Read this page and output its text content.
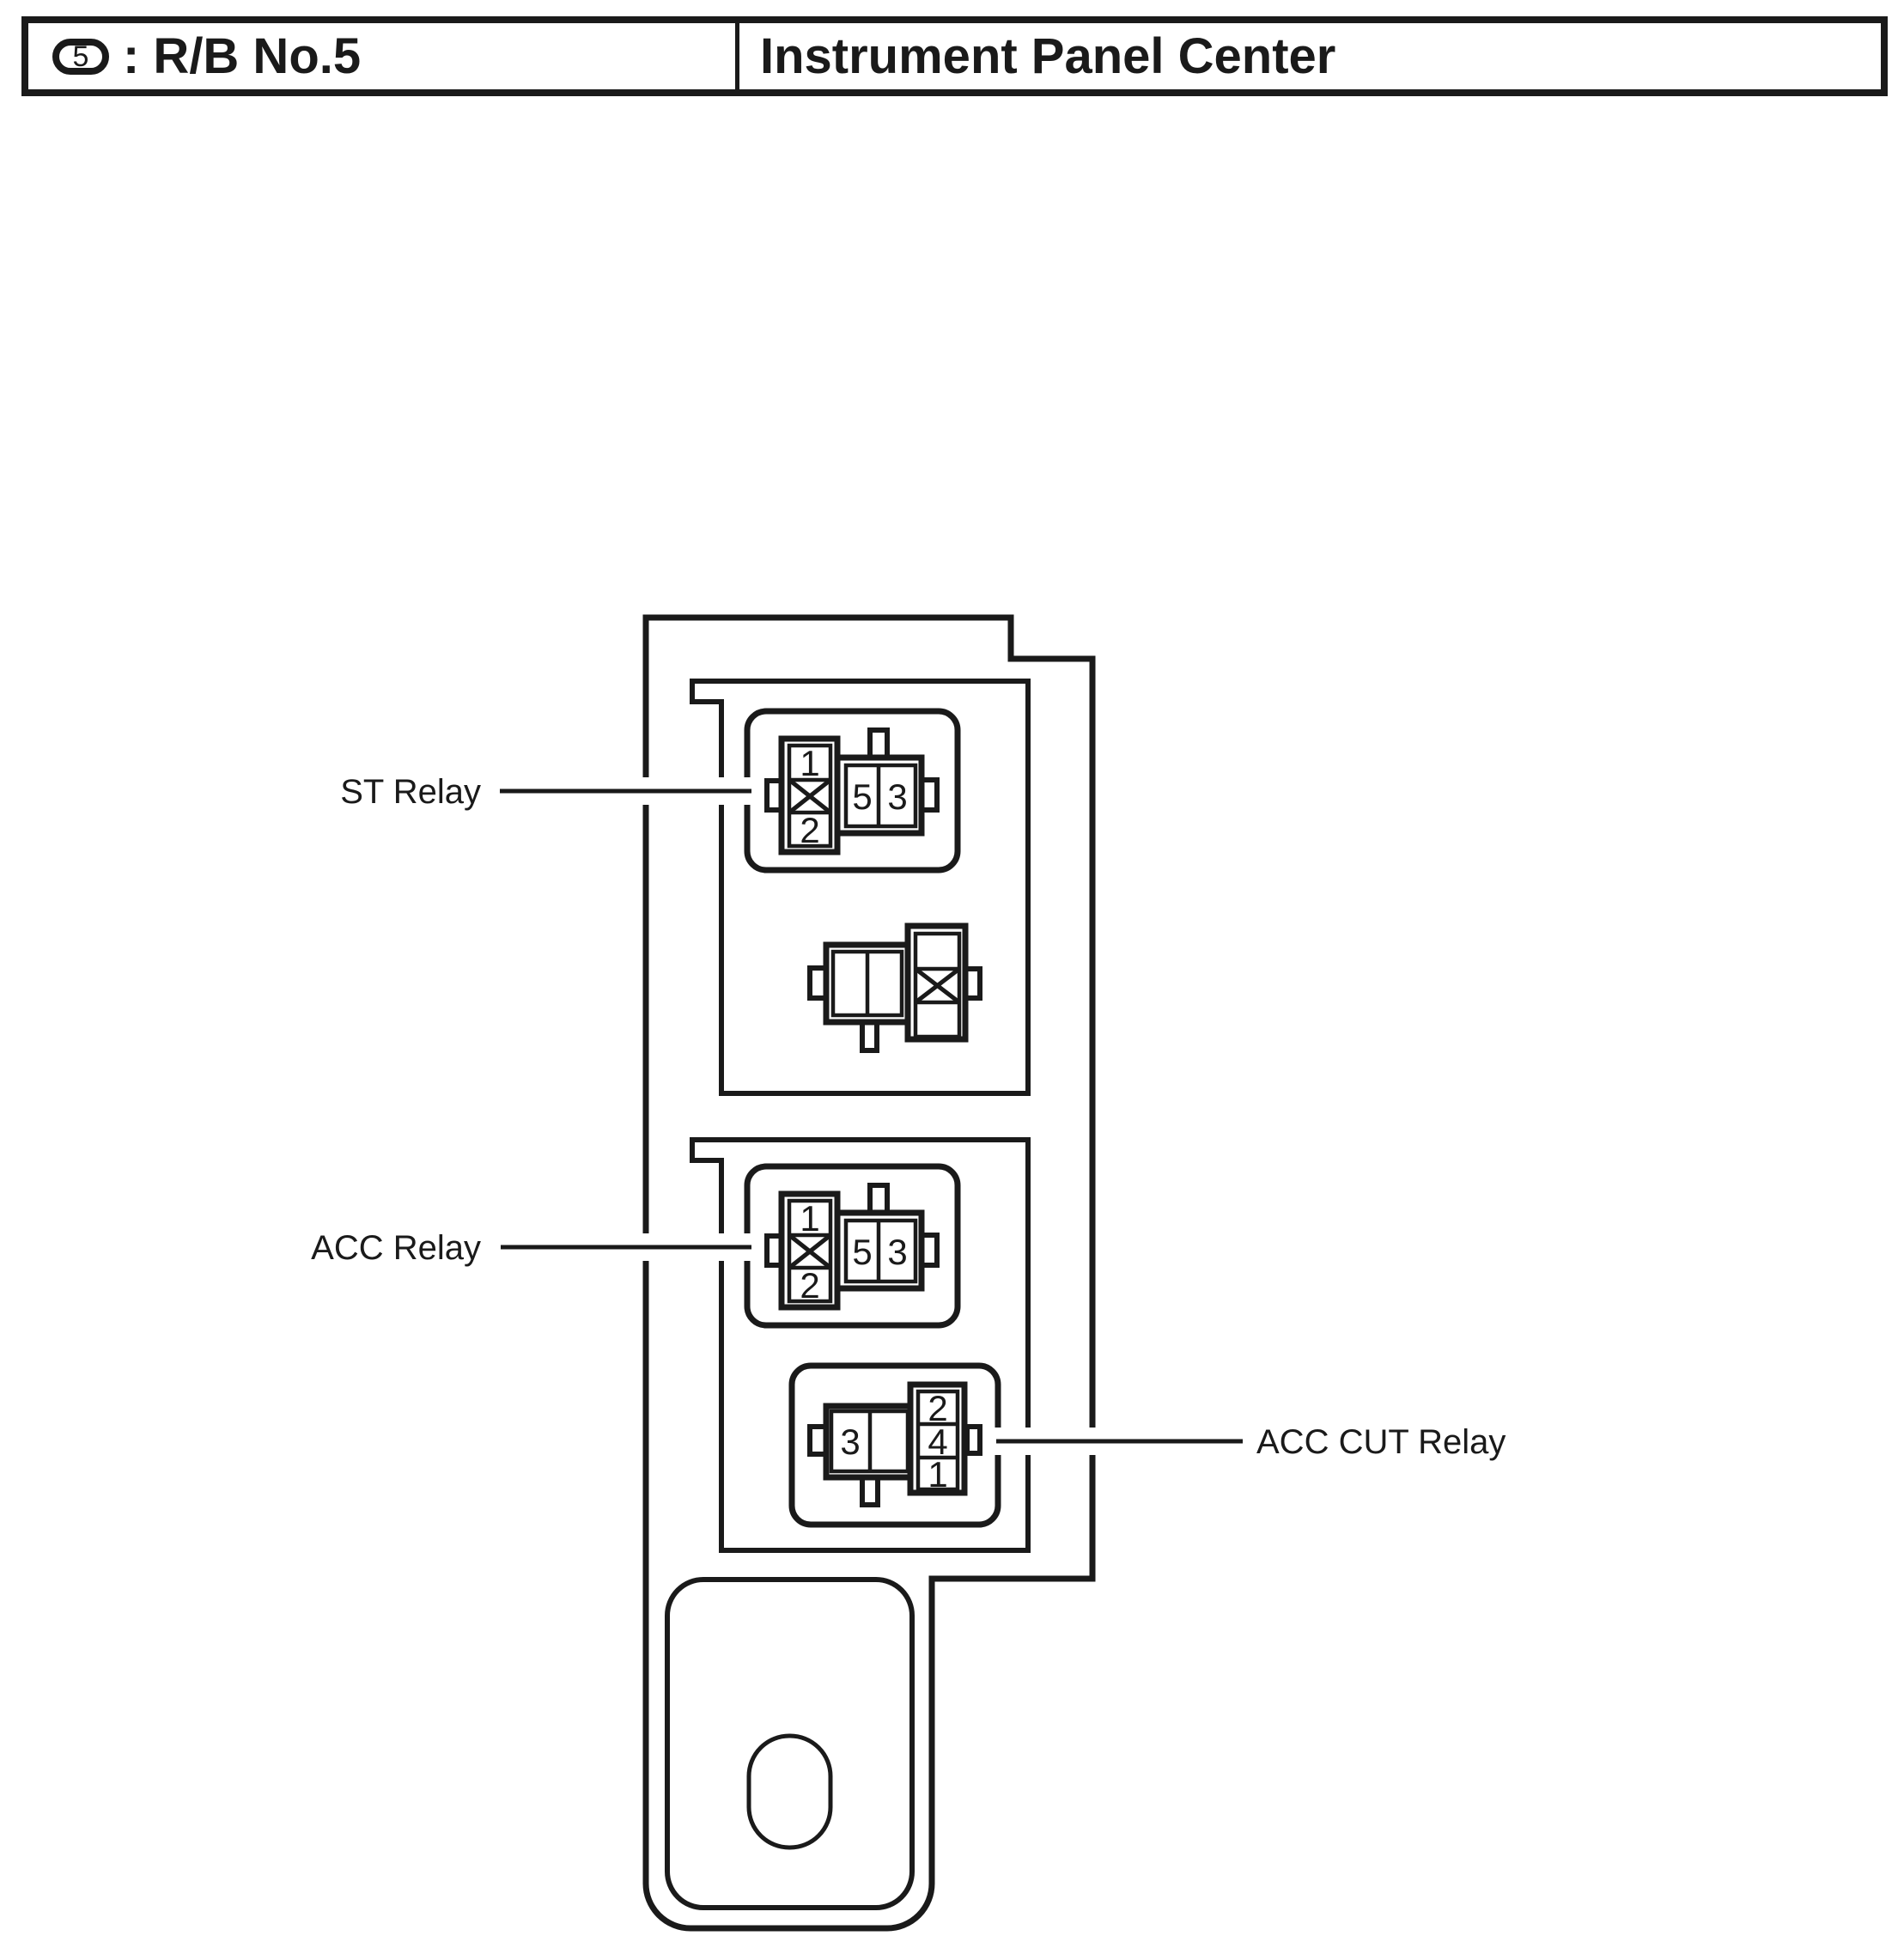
5 : R/B No.5	Instrument Panel Center
1
2
5 3
1
2
5 3
3
2
4
1
ST Relay
ACC Relay
ACC CUT Relay
